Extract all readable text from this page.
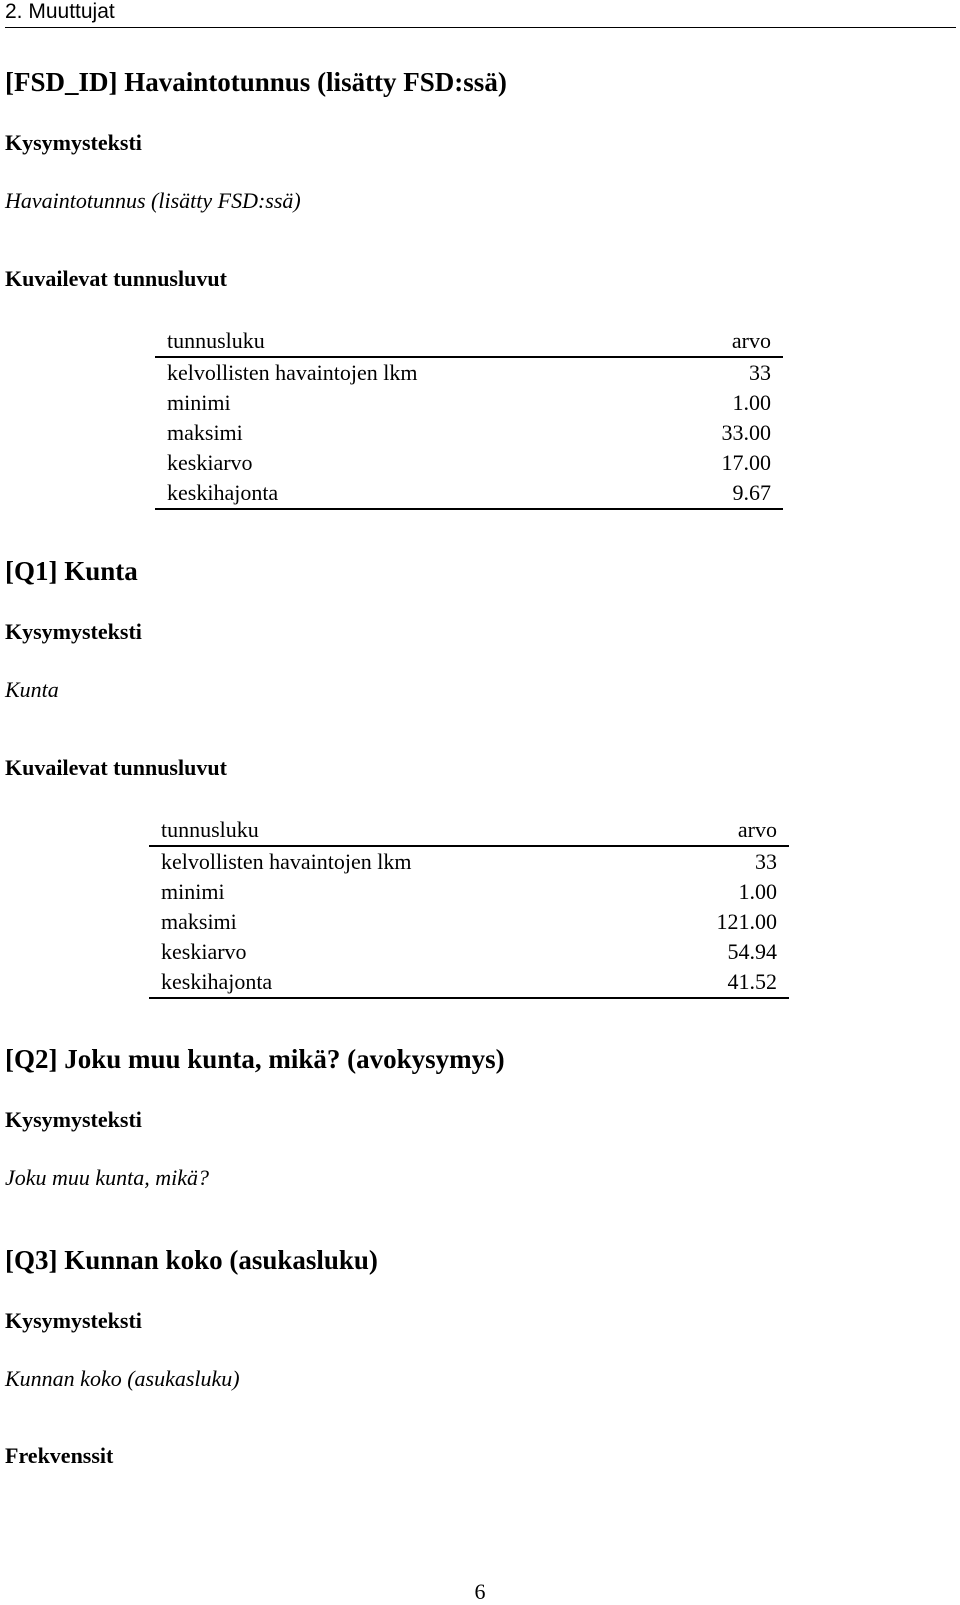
2. Muuttujat
[FSD_ID] Havaintotunnus (lisätty FSD:ssä)
Kysymysteksti
Havaintotunnus (lisätty FSD:ssä)
Kuvailevat tunnusluvut
tunnusluku	arvo
kelvollisten havaintojen lkm	33
minimi	1.00
maksimi	33.00
keskiarvo	17.00
keskihajonta	9.67
[Q1] Kunta
Kysymysteksti
Kunta
Kuvailevat tunnusluvut
tunnusluku	arvo
kelvollisten havaintojen lkm	33
minimi	1.00
maksimi	121.00
keskiarvo	54.94
keskihajonta	41.52
[Q2] Joku muu kunta, mikä? (avokysymys)
Kysymysteksti
Joku muu kunta, mikä?
[Q3] Kunnan koko (asukasluku)
Kysymysteksti
Kunnan koko (asukasluku)
Frekvenssit
6
